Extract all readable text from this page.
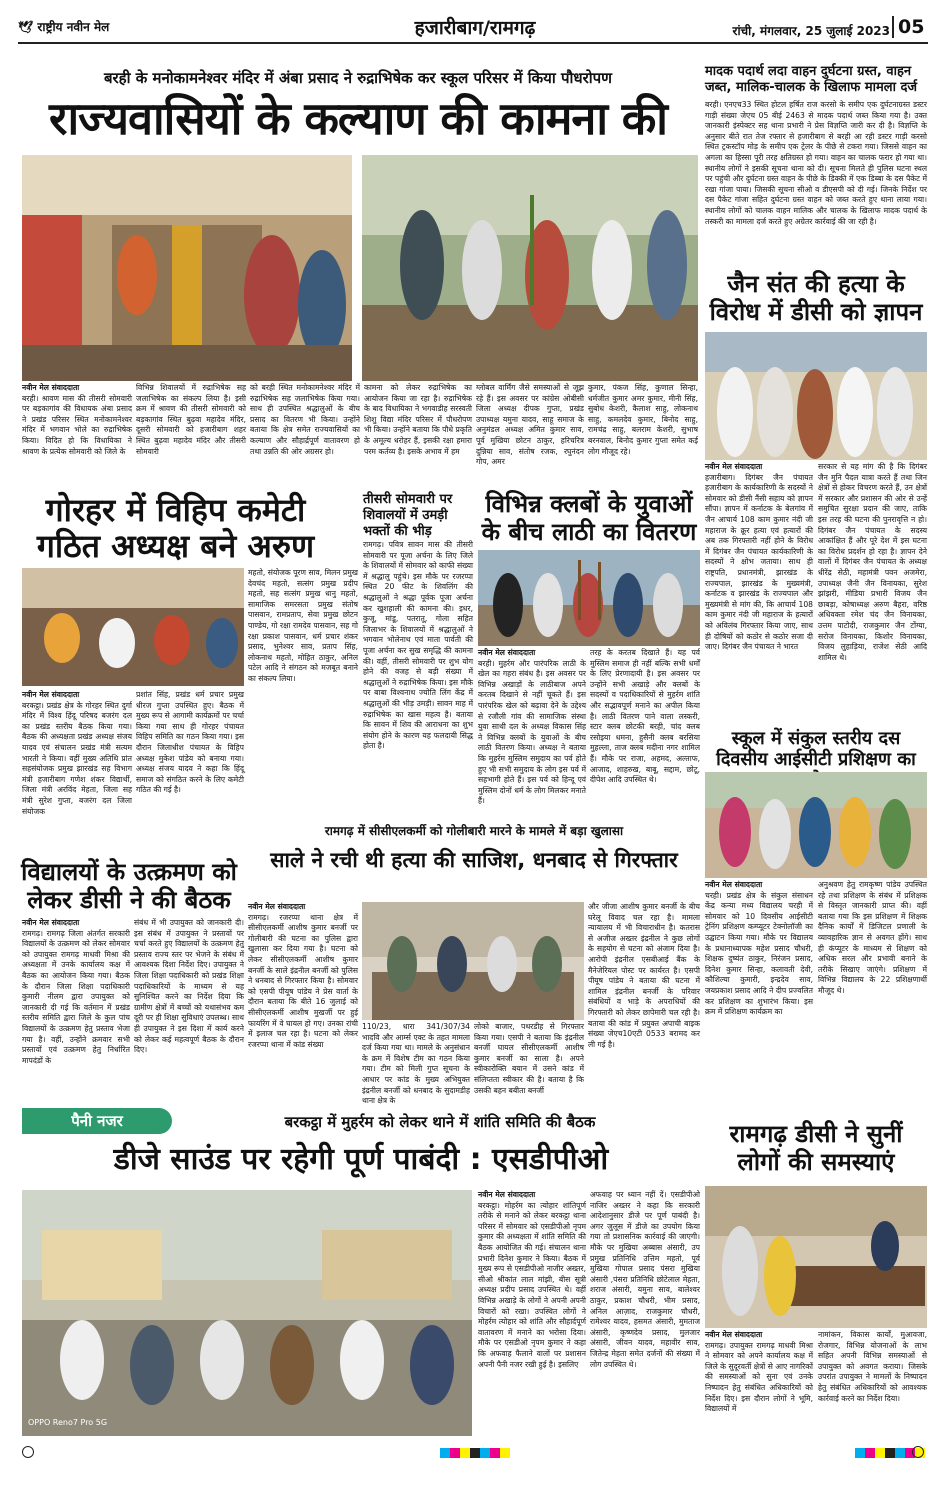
🕊 राष्ट्रीय नवीन मेल	हजारीबाग/रामगढ़	रांची, मंगलवार, 25 जुलाई 2023 05
बरही के मनोकामनेश्वर मंदिर में अंबा प्रसाद ने रुद्राभिषेक कर स्कूल परिसर में किया पौधरोपण
राज्यवासियों के कल्याण की कामना की
नवीन मेल संवाददाता
बरही। श्रावण मास की तीसरी सोमवारी पर बड़कागांव की विधायक अंबा प्रसाद ने प्रखंड परिसर स्थित मनोकामनेश्वर मंदिर में भगवान भोले का रुद्राभिषेक किया। विदित हो कि विधायिका ने श्रावण के प्रत्येक सोमवारी को जिले के
विभिन्न शिवालयों में रुद्राभिषेक सह जलाभिषेक का संकल्प लिया है। इसी क्रम में श्रावण की तीसरी सोमवारी को बड़कागांव स्थित बुढ़वा महादेव मंदिर, दूसरी सोमवारी को हजारीबाग शहर स्थित बुढ़वा महादेव मंदिर और तीसरी सोमवारी
को बरही स्थित मनोकामनेश्वर मंदिर में रुद्राभिषेक सह जलाभिषेक किया गया। साथ ही उपस्थित श्रद्धालुओं के बीच प्रसाद का वितरण भी किया। उन्होंने बताया कि क्षेत्र समेत राज्यवासियों का कल्याण और सौहार्द्रपूर्ण वातावरण हो तथा उन्नति की ओर अग्रसर हो।
कामना को लेकर रुद्राभिषेक का आयोजन किया जा रहा है। रुद्राभिषेक के बाद विधायिका ने भगवाडीह सरस्वती शिशु विद्या मंदिर परिसर में पौधरोपण भी किया। उन्होंने बताया कि पौधे प्रकृति के अमूल्य धरोहर हैं, इसकी रक्षा हमारा परम कर्तव्य है। इसके अभाव में हम
ग्लोबल वार्मिंग जैसे समस्याओं से जूझ रहे हैं। इस अवसर पर कांग्रेस ओबीसी जिला अध्यक्ष दीपक गुप्ता, प्रखंड उपाध्यक्ष यमुना यादव, साहू समाज के अनुमंडल अध्यक्ष अमित कुमार साव, पूर्व मुखिया छोटन ठाकुर, हरिचरित्र दुन्निया साव, संतोष रजक, रघुनंदन गोप, अमर
कुमार, पंकज सिंह, कुणाल सिन्हा, धर्मजीत कुमार अमर कुमार, मीनी सिंह, सुबोध केशरी, कैलाश साहु, लोकनाथ साहु, कमलदेव कुमार, बिनोद साहु, रामचंद्र साहु, बलराम केशरी, सुभाष बरनवाल, बिनोद कुमार गुप्ता समेत कई लोग मौजूद रहे।
मादक पदार्थ लदा वाहन दुर्घटना ग्रस्त, वाहन जब्त, मालिक-चालक के खिलाफ मामला दर्ज
बरही। एनएच33 स्थित होटल हर्षित राज करसो के समीप एक दुर्घटनाग्रस्त डस्टर गाड़ी संख्या जेएच 05 बीई 2463 से मादक पदार्थ जब्त किया गया है। उक्त जानकारी इंस्पेक्टर सह थाना प्रभारी ने प्रेस विज्ञप्ति जारी कर दी है। विज्ञप्ति के अनुसार बीते रात तेज रफ्तार से हजारीबाग से बरही आ रही डस्टर गाड़ी करसो स्थित ट्रकस्टॉप मोड़ के समीप एक ट्रेलर के पीछे से टकरा गया। जिससे वाहन का अगला का हिस्सा पूरी तरह क्षतिग्रस्त हो गया। वाहन का चालक फरार हो गया था। स्थानीय लोगों ने इसकी सूचना थाना को दी। सूचना मिलते ही पुलिस घटना स्थल पर पहुंची और दुर्घटना ग्रस्त वाहन के पीछे के डिक्की में एक डिब्बा के दस पैकेट में रखा गांजा पाया। जिसकी सूचना सीओ व डीएसपी को दी गई। जिनके निर्देश पर दस पैकेट गांजा सहित दुर्घटना ग्रस्त वाहन को जब्त करते हुए थाना लाया गया। स्थानीय लोगों को चालक वाहन मालिक और चालक के खिलाफ मादक पदार्थ के तस्करी का मामला दर्ज करते हुए अग्रेतर कार्रवाई की जा रही है।
जैन संत की हत्या के विरोध में डीसी को ज्ञापन
नवीन मेल संवाददाता
हजारीबाग। दिगंबर जैन पंचायत हजारीबाग के कार्यकारिणी के सदस्यों ने सोमवार को डीसी नैंसी सहाय को ज्ञापन सौंपा। ज्ञापन में कर्नाटक के बेलगांव में जैन आचार्य 108 काम कुमार नंदी जी महाराज के क्रूर हत्या एवं हत्यारों की अब तक गिरफ्तारी नहीं होने के विरोध में दिगंबर जैन पंचायत कार्यकारिणी के सदस्यों ने क्षोभ जताया। साथ ही राष्ट्रपति, प्रधानमंत्री, झारखंड के राज्यपाल, झारखंड के मुख्यमंत्री, कर्नाटक व झारखंड के राज्यपाल और मुख्यमंत्री से मांग की, कि आचार्य 108 काम कुमार नंदी जी महाराज के हत्यारों को अविलंब गिरफ्तार किया जाए, साथ ही दोषियों को कठोर से कठोर सजा दी जाए। दिगंबर जैन पंचायत ने भारत
सरकार से यह मांग की है कि दिगंबर जैन मुनि पैदल यात्रा करते हैं तथा जिन क्षेत्रों से होकर विचरण करते हैं, उन क्षेत्रों में सरकार और प्रशासन की ओर से उन्हें समुचित सुरक्षा प्रदान की जाए, ताकि इस तरह की घटना की पुनरावृत्ति न हो। दिगंबर जैन पंचायत के सदस्य आकांक्षित हैं और पूरे देश में इस घटना का विरोध प्रदर्शन हो रहा है। ज्ञापन देने वालों में दिगंबर जैन पंचायत के अध्यक्ष धीरेंद्र सेठी, महामंत्री पवन अजमेरा, उपाध्यक्ष जैनी जैन विनायका, सुरेश झांझरी, मीडिया प्रभारी विजय जैन छाबड़ा, कोषाध्यक्ष अरुण बैहरा, वरिष्ठ अधिवक्ता रमेश चंद जैन विनायका, उत्तम पाटोदी, राजकुमार जैन टोंग्या, सरोज विनायका, किशोर विनायका, विजय लुहाड़िया, राजेश सेठी आदि शामिल थे।
गोरहर में विहिप कमेटी गठित अध्यक्ष बने अरुण
महतो, संयोजक पूरण साव, मिलन प्रमुख देवचंद महतो, सत्संग प्रमुख प्रदीप महतो, सह सत्संग प्रमुख धानु महतो, सामाजिक समरसता प्रमुख संतोष पासवान, रामप्रताप, सेवा प्रमुख छोटन पाण्डेय, गो रक्षा रामदेव पासवान, सह गो रक्षा प्रकाश पासवान, धर्म प्रचार शंकर प्रसाद, भुनेश्वर साव, प्रताप सिंह, लोकनाथ महतो, मोहित ठाकुर, अनिल पटेल आदि ने संगठन को मजबूत बनाने का संकल्प लिया।
नवीन मेल संवाददाता
बरकट्ठा। प्रखंड क्षेत्र के गोरहर स्थित दुर्गा मंदिर में विश्व हिंदू परिषद बजरंग दल का प्रखंड स्तरीय बैठक किया गया। बैठक की अध्यक्षता प्रखंड अध्यक्ष संजय यादव एवं संचालन प्रखंड मंत्री सत्यम भारती ने किया। वहीं मुख्य अतिथि प्रांत सहसंयोजक प्रमुख झारखंड सह विभाग मंत्री हजारीबाग गणेश शंकर विद्यार्थी, जिला मंत्री अरविंद मेहता, जिला सह मंत्री सुरेश गुप्ता, बजरंग दल जिला संयोजक
प्रशांत सिंह, प्रखंड धर्म प्रचार प्रमुख धीरज गुप्ता उपस्थित हुए। बैठक में मुख्य रूप से आगामी कार्यक्रमों पर चर्चा किया गया साथ ही गोरहर पंचायत विहिप समिति का गठन किया गया। इस दौरान जिलाधीश पंचायत के विहिप अध्यक्ष मुकेश पांडेय को बनाया गया। अध्यक्ष संजय यादव ने कहा कि हिंदू समाज को संगठित करने के लिए कमेटी गठित की गई है।
तीसरी सोमवारी पर शिवालयों में उमड़ी भक्तों की भीड़
रामगढ़। पवित्र सावन मास की तीसरी सोमवारी पर पूजा अर्चना के लिए जिले के शिवालयों में सोमवार को काफी संख्या में श्रद्धालु पहुंचे। इस मौके पर रजरप्पा स्थित 20 फीट के शिवलिंग की श्रद्धालुओं ने श्रद्धा पूर्वक पूजा अर्चना कर खुशहाली की कामना की। इधर, कुजू, मांडू, पतरातू, गोला सहित जिलाभर के शिवालयों में श्रद्धालुओं ने भगवान भोलेनाथ एवं माता पार्वती की पूजा अर्चना कर सुख समृद्धि की कामना की। वहीं, तीसरी सोमवारी पर शुभ योग होने की वजह से बड़ी संख्या में श्रद्धालुओं ने रुद्राभिषेक किया। इस मौके पर बाबा विश्वनाथ ज्योति लिंग केंद्र में श्रद्धालुओं की भीड़ उमड़ी। सावन माह में रुद्राभिषेक का खास महत्व है। बताया कि सावन में शिव की आराधना का शुभ संयोग होने के कारण यह फलदायी सिद्ध होता है।
विभिन्न क्लबों के युवाओं के बीच लाठी का वितरण
नवीन मेल संवाददाता
बरही। मुहर्रम और पारंपरिक लाठी के खेल का गहरा संबंध है। इस अवसर पर विभिन्न अखाड़ों के लाठीबाज अपने करतब दिखाने से नहीं चूकते हैं। इस पारंपरिक खेल को बढ़ावा देने के उद्देश्य से रजौली गांव की सामाजिक संस्था युवा साथी दल के अध्यक्ष विकास सिंह ने विभिन्न क्लबों के युवाओं के बीच लाठी वितरण किया। अध्यक्ष ने बताया कि मुहर्रम मुस्लिम समुदाय का पर्व होते हुए भी सभी समुदाय के लोग इस पर्व में सहभागी होते हैं। इस पर्व को हिन्दू एवं मुस्लिम दोनों धर्म के लोग मिलकर मनाते हैं।
तरह के करतब दिखाते हैं। यह पर्व मुस्लिम समाज ही नहीं बल्कि सभी धर्मों के लिए प्रेरणादायी है। इस अवसर पर उन्होंने सभी अखाड़े और क्लबों के सदस्यों व पदाधिकारियों से मुहर्रम शांति और सद्भावपूर्ण मनाने का अपील किया है। लाठी वितरण पाने वाला लस्करी, स्टार क्लब छोटकी बरही, चांद क्लब रसोइया धमना, हुसैनी क्लब बरसिया मुहल्ला, ताज क्लब मदीना नगर शामिल हैं। मौके पर राजा, अहमद, अल्ताफ, आजाद, शाहरुख, बाबू, सद्दाम, छोटू, दीपेश आदि उपस्थित थे।
स्कूल में संकुल स्तरीय दस दिवसीय आईसीटी प्रशिक्षण का
नवीन मेल संवाददाता
चरही। प्रखंड क्षेत्र के संकुल संसाधन केंद्र कन्या मध्य विद्यालय चरही में सोमवार को 10 दिवसीय आईसीटी ट्रेनिंग प्रशिक्षण कम्प्यूटर टेक्नोलॉजी का उद्घाटन किया गया। मौके पर विद्यालय के प्रधानाध्यापक महेश प्रसाद चौधरी, शिक्षक दुष्यंत ठाकुर, निरंजन प्रसाद, दिनेश कुमार सिन्हा, कलावती देवी, कौशिल्या कुमारी, इन्द्रदेव साव, जयप्रकाश प्रसाद आदि ने दीप प्रज्वलित कर प्रशिक्षण का शुभारंभ किया। इस क्रम में प्रशिक्षण कार्यक्रम का
अनुश्रवण हेतु रामकृष्ण पांडेय उपस्थित रहे तथा प्रशिक्षण के संबंध में प्रशिक्षक से विस्तृत जानकारी प्राप्त की। वहीं बताया गया कि इस प्रशिक्षण में शिक्षक दैनिक कार्यों में डिजिटल प्रणाली के व्यावहारिक ज्ञान से अवगत होंगे। साथ ही कंप्यूटर के माध्यम से शिक्षण को अधिक सरल और प्रभावी बनाने के तरीके सिखाए जाएंगे। प्रशिक्षण में विभिन्न विद्यालय के 22 प्रशिक्षणार्थी मौजूद थे।
विद्यालयों के उत्क्रमण को लेकर डीसी ने की बैठक
नवीन मेल संवाददाता
रामगढ़। रामगढ़ जिला अंतर्गत सरकारी विद्यालयों के उत्क्रमण को लेकर सोमवार को उपायुक्त रामगढ़ माधवी मिश्रा की अध्यक्षता में उनके कार्यालय कक्ष में बैठक का आयोजन किया गया। बैठक के दौरान जिला शिक्षा पदाधिकारी कुमारी नीलम द्वारा उपायुक्त को जानकारी दी गई कि वर्तमान में प्रखंड स्तरीय समिति द्वारा जिले के कुल पांच विद्यालयों के उत्क्रमण हेतु प्रस्ताव भेजा गया है। वहीं, उन्होंने क्रमवार सभी प्रस्तावों एवं उत्क्रमण हेतु निर्धारित मापदंडों के
संबंध में भी उपायुक्त को जानकारी दी। इस संबंध में उपायुक्त ने प्रस्तावों पर चर्चा करते हुए विद्यालयों के उत्क्रमण हेतु प्रस्ताव राज्य स्तर पर भेजने के संबंध में आवश्यक दिशा निर्देश दिए। उपायुक्त ने जिला शिक्षा पदाधिकारी को प्रखंड शिक्षा पदाधिकारियों के माध्यम से यह सुनिश्चित करने का निर्देश दिया कि ग्रामीण क्षेत्रों में बच्चों को यथासंभव कम दूरी पर ही शिक्षा सुविधाएं उपलब्ध। साथ ही उपायुक्त ने इस दिशा में कार्य करने को लेकर कई महत्वपूर्ण बैठक के दौरान दिए।
रामगढ़ में सीसीएलकर्मी को गोलीबारी मारने के मामले में बड़ा खुलासा
साले ने रची थी हत्या की साजिश, धनबाद से गिरफ्तार
नवीन मेल संवाददाता
रामगढ़। रजरप्पा थाना क्षेत्र में सीसीएलकर्मी आशीष कुमार बनर्जी पर गोलीबारी की घटना का पुलिस द्वारा खुलासा कर दिया गया है। घटना को लेकर सीसीएलकर्मी आशीष कुमार बनर्जी के साले इंद्रनील बनर्जी को पुलिस ने धनबाद से गिरफ्तार किया है। सोमवार को एसपी पीयूष पांडेय ने प्रेस वार्ता के दौरान बताया कि बीते 16 जुलाई को सीसीएलकर्मी आशीष मुखर्जी पर हुई फायरिंग में वे घायल हो गए। उनका रांची में इलाज चल रहा है। घटना को लेकर रजरप्पा थाना में कांड संख्या
110/23, धारा 341/307/34 भादवि और आर्म्स एक्ट के तहत मामला दर्ज किया गया था। मामले के अनुसंधान के क्रम में विशेष टीम का गठन किया गया। टीम को मिली गुप्त सूचना के आधार पर कांड के मुख्य अभियुक्त इंद्रनील बनर्जी को धनबाद के सुदामडीह थाना क्षेत्र के
लोको बाजार, पथरडीह से गिरफ्तार किया गया। एसपी ने बताया कि इंद्रनील बनर्जी घायल सीसीएलकर्मी आशीष कुमार बनर्जी का साला है। अपने स्वीकारोक्ति बयान में उसने कांड में संलिप्तता स्वीकार की है। बताया है कि उसकी बहन बबीता बनर्जी
और जीजा आशीष कुमार बनर्जी के बीच घरेलू विवाद चल रहा है। मामला न्यायालय में भी विचाराधीन है। कतरास से अजीज अख्तर इंद्रनील ने कुछ लोगों के सहयोग से घटना को अंजाम दिया है। आरोपी इंद्रनील एसबीआई बैंक के मैनेजेरियल पोस्ट पर कार्यरत है। एसपी पीयूष पांडेय ने बताया की घटना में शामिल इंद्रनील बनर्जी के परिवार संबंधियों व भाड़े के अपराधियों की गिरफ्तारी को लेकर छापेमारी चल रही है। बताया की कांड में प्रयुक्त अपाची बाइक संख्या जेएच10एटी 0533 बरामद कर ली गई है।
पैनी नजर	बरकट्ठा में मुहर्रम को लेकर थाने में शांति समिति की बैठक
डीजे साउंड पर रहेगी पूर्ण पाबंदी : एसडीपीओ
OPPO Reno7 Pro 5G
नवीन मेल संवाददाता
बरकट्ठा। मोहर्रम का त्योहार शांतिपूर्ण तरीके से मनाने को लेकर बरकट्ठा थाना परिसर में सोमवार को एसडीपीओ नृपम कुमार की अध्यक्षता में शांति समिति की बैठक आयोजित की गई। संचालन थाना प्रभारी दिनेश कुमार ने किया। बैठक में मुख्य रूप से एसडीपीओ नाजीर अख्तर, सीओ श्रीकांत लाल मांझी, बीस सूत्री अध्यक्ष प्रदीप प्रसाद उपस्थित थे। वहीं विभिन्न अखाड़े के लोगों ने अपनी अपनी विचारों को रखा। उपस्थित लोगों ने मोहर्रम त्योहार को शांति और सौहार्दपूर्ण वातावरण में मनाने का भरोसा दिया। मौके पर एसडीओ नृपम कुमार ने कहा कि अफवाह फैलाने वालों पर प्रशासन अपनी पैनी नजर रखी हुई है। इसलिए
अफवाह पर ध्यान नहीं दें। एसडीपीओ नाजिर अख्तर ने कहा कि सरकारी आदेशानुसार डीजे पर पूर्ण पाबंदी है। अगर जुलूस में डीजे का उपयोग किया गया तो प्रशासनिक कार्रवाई की जाएगी। मौके पर मुखिया अब्बास अंसारी, उप प्रमुख प्रतिनिधि उत्तिम महतो, पूर्व मुखिया गोपाल प्रसाद पंसरा मुखिया अंसारी ,पंसरा प्रतिनिधि छोटेलाल मेहता, शराज अंसारी, यमुना साव, बालेश्वर ठाकुर, प्रकाश चौधरी, भीम प्रसाद, अनिल आज़ाद, राजकुमार चौधरी, रामेश्वर यादव, हसमत अंसारी, मुमताज अंसारी, कृष्णदेव प्रसाद, मुलजार अंसारी, जीवन यादव, महावीर साव, जितेन्द्र मेहता समेत दर्जनों की संख्या में लोग उपस्थित थे।
रामगढ़ डीसी ने सुनीं लोगों की समस्याएं
नवीन मेल संवाददाता
रामगढ़। उपायुक्त रामगढ़ माधवी मिश्रा ने सोमवार को अपने कार्यालय कक्ष में जिले के सुदूरवर्ती क्षेत्रों से आए नागरिकों की समस्याओं को सुना एवं उनके निष्पादन हेतु संबंधित अधिकारियों को निर्देश दिए। इस दौरान लोगों ने भूमि, विद्यालयों में
नामांकन, विकास कार्यों, मुआवजा, रोजगार, विभिन्न योजनाओं के लाभ सहित अपनी विभिन्न समस्याओं से उपायुक्त को अवगत कराया। जिसके उपरांत उपायुक्त ने मामलों के निष्पादन हेतु संबंधित अधिकारियों को आवश्यक कार्रवाई करने का निर्देश दिया।
